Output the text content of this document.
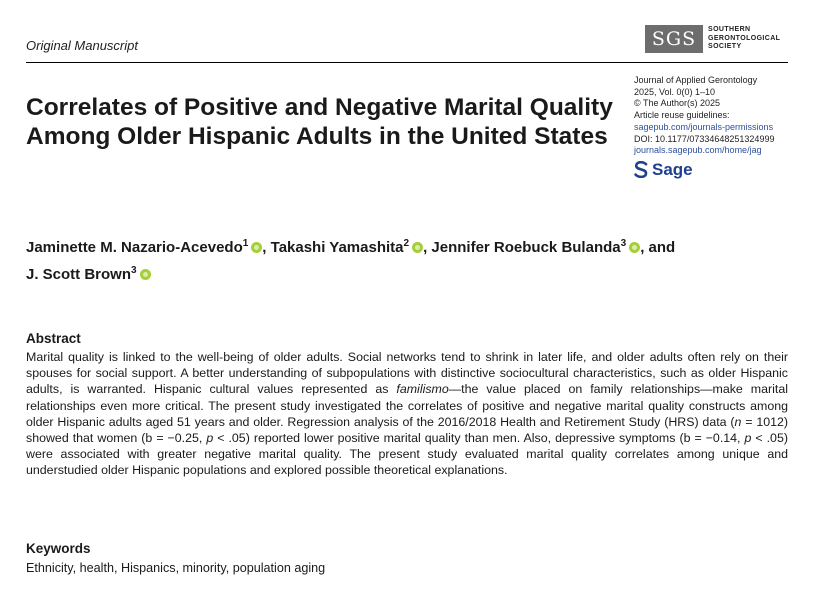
Original Manuscript	SGS	SOUTHERN
GERONTOLOGICAL
SOCIETY
Correlates of Positive and Negative Marital Quality Among Older Hispanic Adults in the United States
Journal of Applied Gerontology
2025, Vol. 0(0) 1–10
© The Author(s) 2025
Article reuse guidelines:
sagepub.com/journals-permissions
DOI: 10.1177/07334648251324999
journals.sagepub.com/home/jag
Sage
Jaminette M. Nazario-Acevedo$^1$ , Takashi Yamashita$^2$ , Jennifer Roebuck Bulanda$^3$ , and
J. Scott Brown$^3$
Abstract

Marital quality is linked to the well-being of older adults. Social networks tend to shrink in later life, and older adults often rely on their spouses for social support. A better understanding of subpopulations with distinctive sociocultural characteristics, such as older Hispanic adults, is warranted. Hispanic cultural values represented as familismo—the value placed on family relationships—make marital relationships even more critical. The present study investigated the correlates of positive and negative marital quality constructs among older Hispanic adults aged 51 years and older. Regression analysis of the 2016/2018 Health and Retirement Study (HRS) data (n = 1012) showed that women (b = −0.25, p < .05) reported lower positive marital quality than men. Also, depressive symptoms (b = −0.14, p < .05) were associated with greater negative marital quality. The present study evaluated marital quality correlates among unique and understudied older Hispanic populations and explored possible theoretical explanations.

Keywords
Ethnicity, health, Hispanics, minority, population aging
